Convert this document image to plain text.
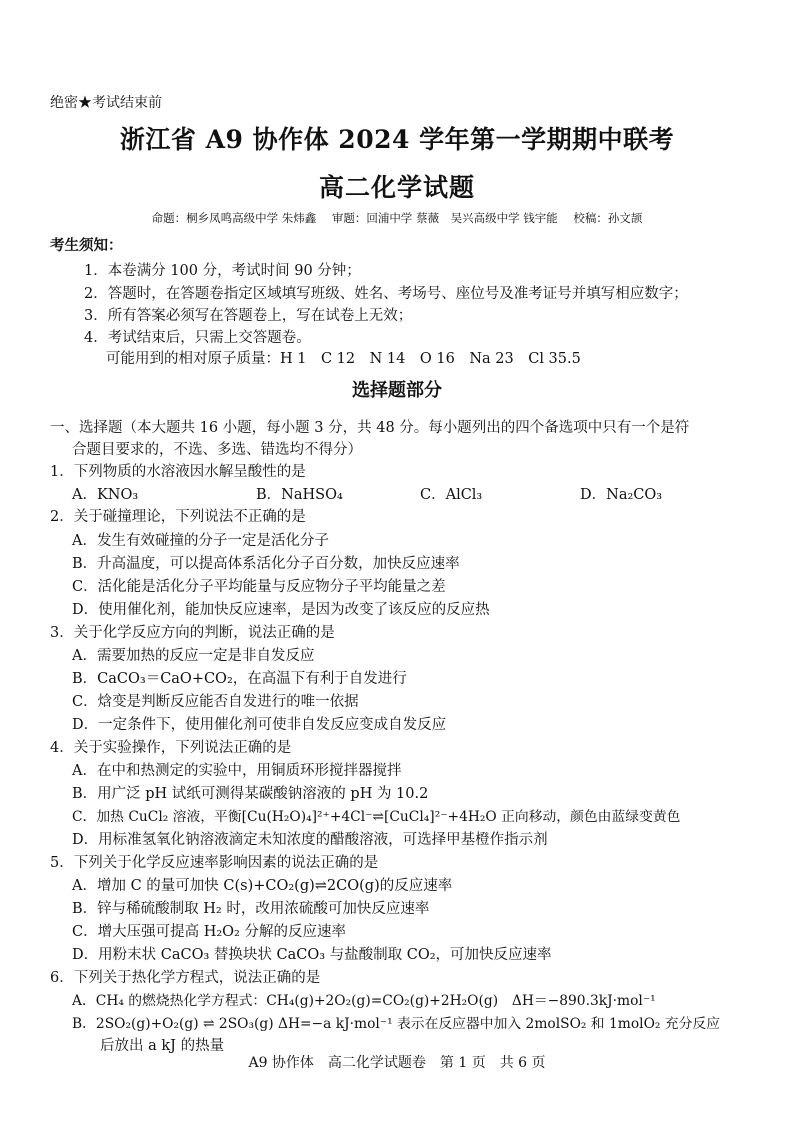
绝密★考试结束前
浙江省 A9 协作体 2024 学年第一学期期中联考
高二化学试题
命题：桐乡凤鸣高级中学 朱炜鑫 审题：回浦中学 蔡薇　吴兴高级中学 钱宇能 校稿：孙文颉
考生须知：
1．本卷满分 100 分，考试时间 90 分钟；
2．答题时，在答题卷指定区域填写班级、姓名、考场号、座位号及准考证号并填写相应数字；
3．所有答案必须写在答题卷上，写在试卷上无效；
4．考试结束后，只需上交答题卷。
可能用到的相对原子质量：H 1　C 12　N 14　O 16　Na 23　Cl 35.5
选择题部分
一、选择题（本大题共 16 小题，每小题 3 分，共 48 分。每小题列出的四个备选项中只有一个是符
合题目要求的，不选、多选、错选均不得分）
1．下列物质的水溶液因水解呈酸性的是
A．KNO₃	B．NaHSO₄	C．AlCl₃	D．Na₂CO₃
2．关于碰撞理论，下列说法不正确的是
A．发生有效碰撞的分子一定是活化分子
B．升高温度，可以提高体系活化分子百分数，加快反应速率
C．活化能是活化分子平均能量与反应物分子平均能量之差
D．使用催化剂，能加快反应速率，是因为改变了该反应的反应热
3．关于化学反应方向的判断，说法正确的是
A．需要加热的反应一定是非自发反应
B．CaCO₃＝CaO+CO₂，在高温下有利于自发进行
C．焓变是判断反应能否自发进行的唯一依据
D．一定条件下，使用催化剂可使非自发反应变成自发反应
4．关于实验操作，下列说法正确的是
A．在中和热测定的实验中，用铜质环形搅拌器搅拌
B．用广泛 pH 试纸可测得某碳酸钠溶液的 pH 为 10.2
C．加热 CuCl₂ 溶液，平衡[Cu(H₂O)₄]²⁺+4Cl⁻⇌[CuCl₄]²⁻+4H₂O 正向移动，颜色由蓝绿变黄色
D．用标准氢氧化钠溶液滴定未知浓度的醋酸溶液，可选择甲基橙作指示剂
5．下列关于化学反应速率影响因素的说法正确的是
A．增加 C 的量可加快 C(s)+CO₂(g)⇌2CO(g)的反应速率
B．锌与稀硫酸制取 H₂ 时，改用浓硫酸可加快反应速率
C．增大压强可提高 H₂O₂ 分解的反应速率
D．用粉末状 CaCO₃ 替换块状 CaCO₃ 与盐酸制取 CO₂，可加快反应速率
6．下列关于热化学方程式，说法正确的是
A．CH₄ 的燃烧热化学方程式：CH₄(g)+2O₂(g)=CO₂(g)+2H₂O(g)　ΔH＝−890.3kJ·mol⁻¹
B．2SO₂(g)+O₂(g) ⇌ 2SO₃(g) ΔH=−a kJ·mol⁻¹ 表示在反应器中加入 2molSO₂ 和 1molO₂ 充分反应
后放出 a kJ 的热量
A9 协作体　高二化学试题卷　第 1 页　共 6 页
